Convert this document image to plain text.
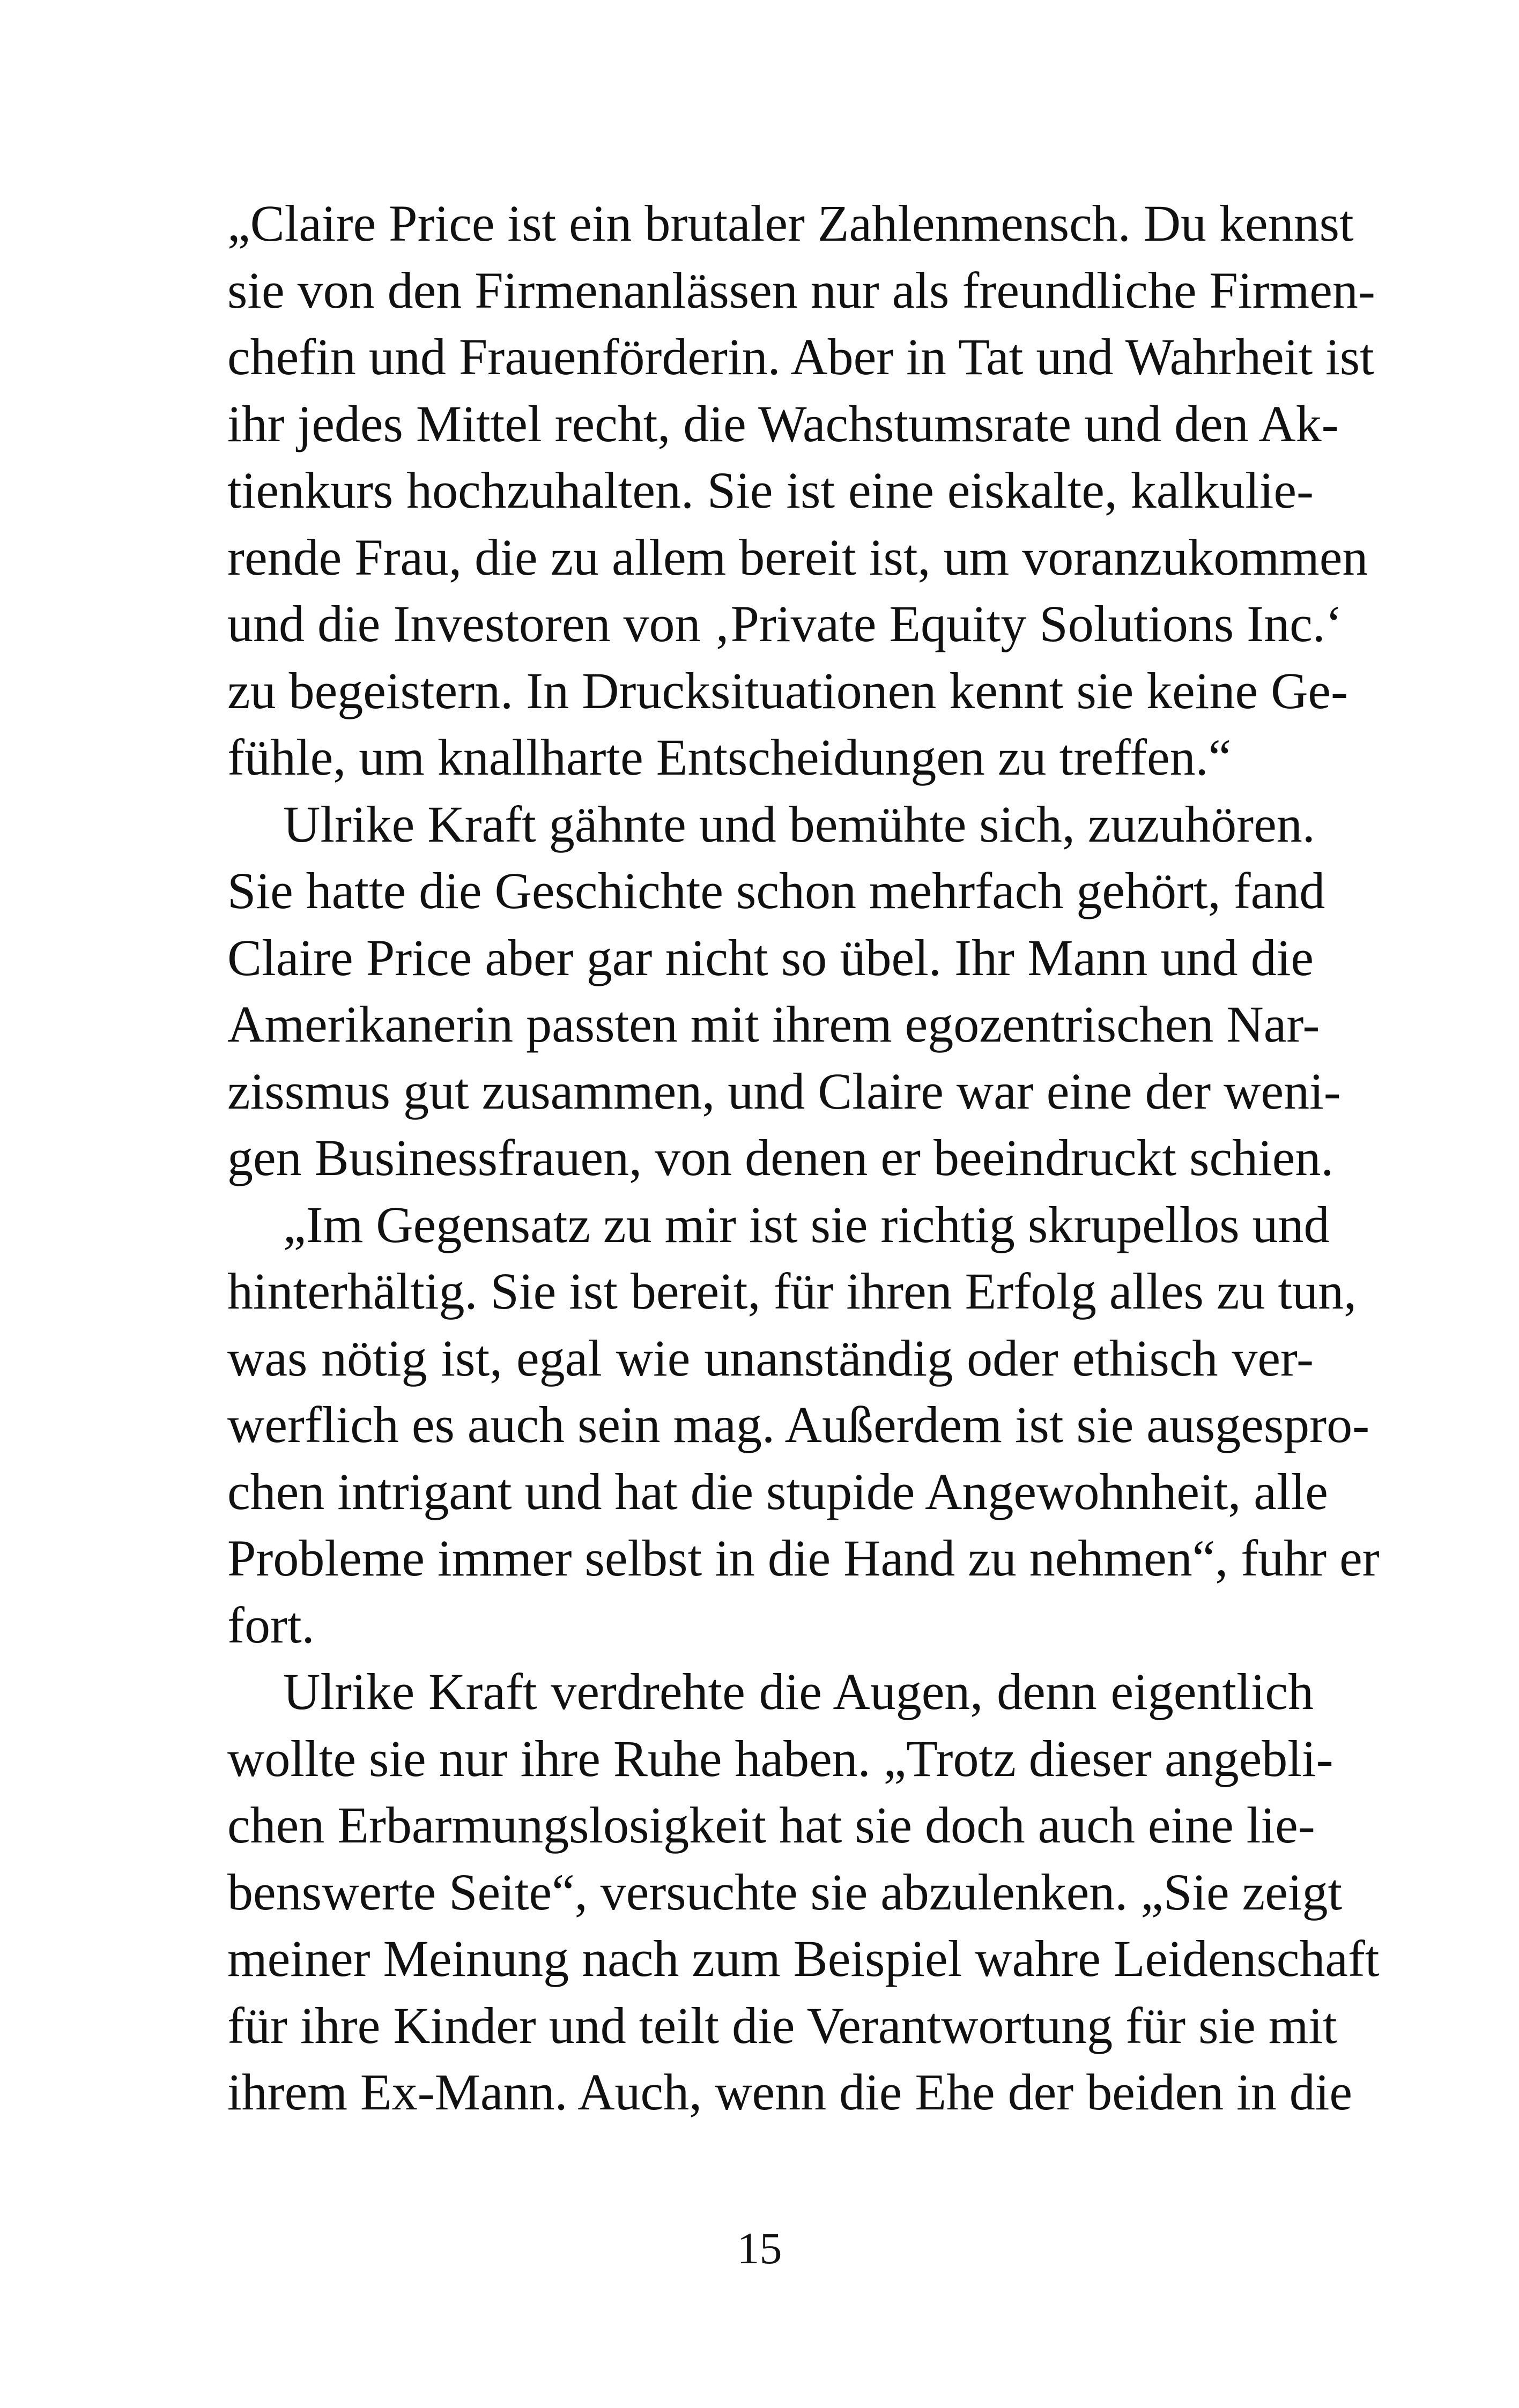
„Claire Price ist ein brutaler Zahlenmensch. Du kennst
sie von den Firmenanlässen nur als freundliche Firmen-
chefin und Frauenförderin. Aber in Tat und Wahrheit ist
ihr jedes Mittel recht, die Wachstumsrate und den Ak-
tienkurs hochzuhalten. Sie ist eine eiskalte, kalkulie-
rende Frau, die zu allem bereit ist, um voranzukommen
und die Investoren von ‚Private Equity Solutions Inc.‘
zu begeistern. In Drucksituationen kennt sie keine Ge-
fühle, um knallharte Entscheidungen zu treffen.“
Ulrike Kraft gähnte und bemühte sich, zuzuhören.
Sie hatte die Geschichte schon mehrfach gehört, fand
Claire Price aber gar nicht so übel. Ihr Mann und die
Amerikanerin passten mit ihrem egozentrischen Nar-
zissmus gut zusammen, und Claire war eine der weni-
gen Businessfrauen, von denen er beeindruckt schien.
„Im Gegensatz zu mir ist sie richtig skrupellos und
hinterhältig. Sie ist bereit, für ihren Erfolg alles zu tun,
was nötig ist, egal wie unanständig oder ethisch ver-
werflich es auch sein mag. Außerdem ist sie ausgespro-
chen intrigant und hat die stupide Angewohnheit, alle
Probleme immer selbst in die Hand zu nehmen“, fuhr er
fort.
Ulrike Kraft verdrehte die Augen, denn eigentlich
wollte sie nur ihre Ruhe haben. „Trotz dieser angebli-
chen Erbarmungslosigkeit hat sie doch auch eine lie-
benswerte Seite“, versuchte sie abzulenken. „Sie zeigt
meiner Meinung nach zum Beispiel wahre Leidenschaft
für ihre Kinder und teilt die Verantwortung für sie mit
ihrem Ex-Mann. Auch, wenn die Ehe der beiden in die
15
